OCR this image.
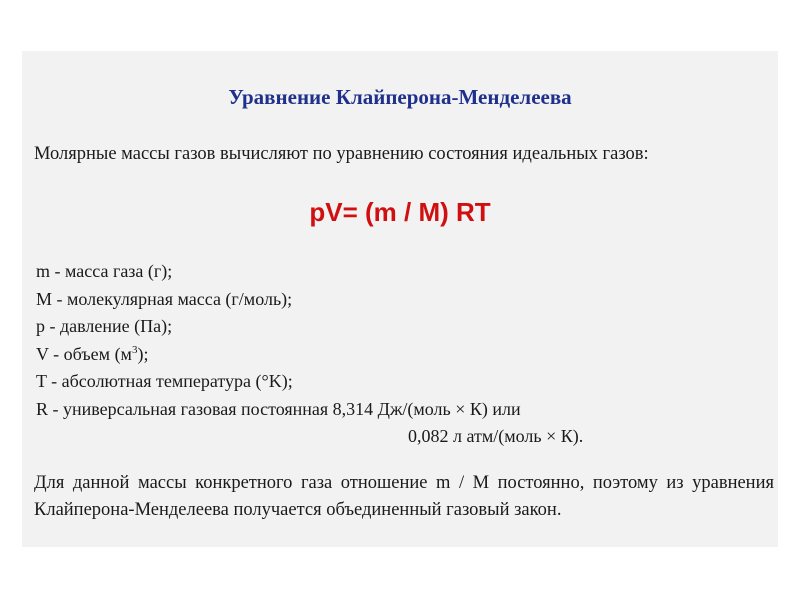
Уравнение Клайперона-Менделеева
Молярные массы газов вычисляют по уравнению состояния идеальных газов:
pV= (m / M) RT
m - масса газа (г);
M - молекулярная масса (г/моль);
р - давление (Па);
V - объем $(м^3)$;
T - абсолютная температура (°K);
R - универсальная газовая постоянная 8,314 Дж/(моль × К) или
0,082 л атм/(моль × К).
Для данной массы конкретного газа отношение m / M постоянно, поэтому из уравнения Клайперона-Менделеева получается объединенный газовый закон.
